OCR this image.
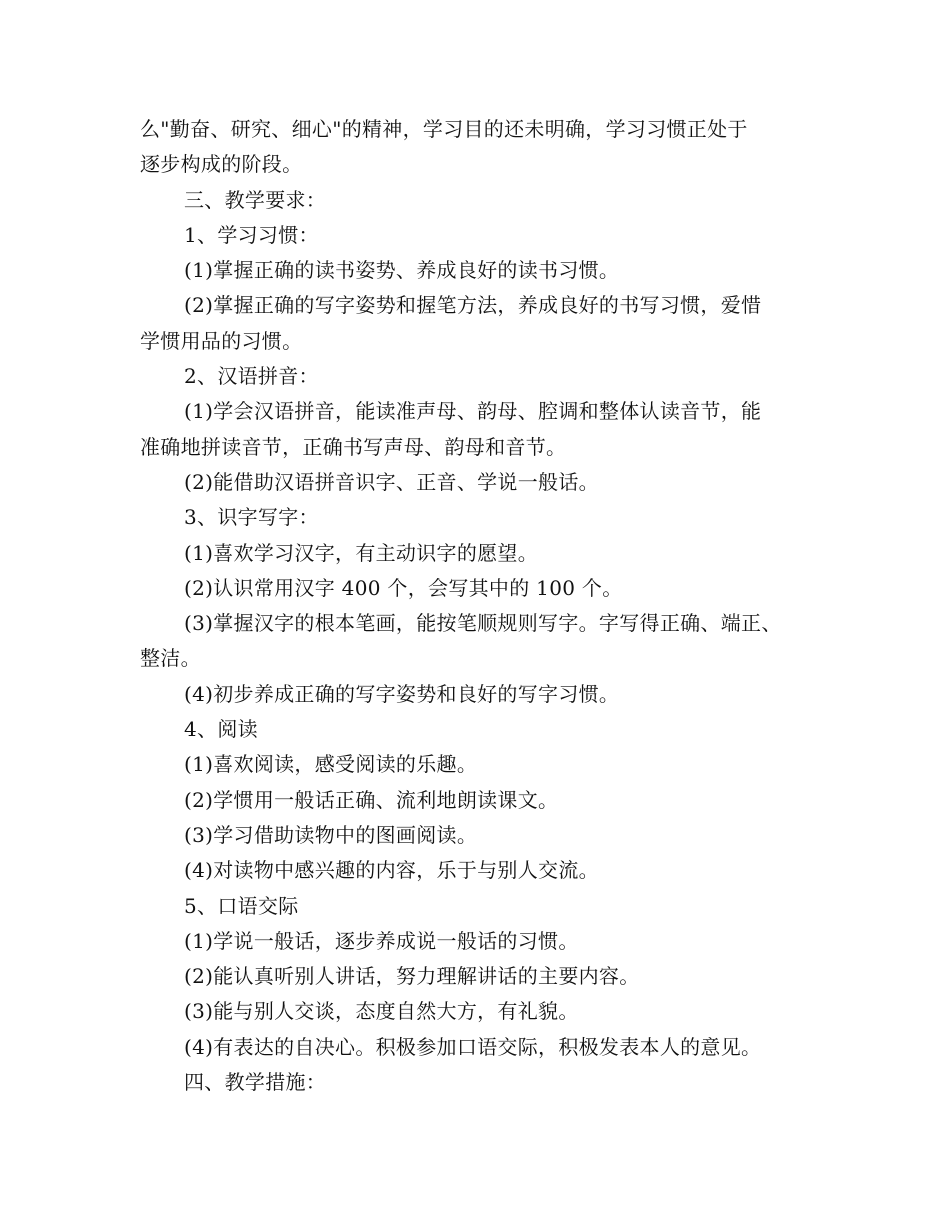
么"勤奋、研究、细心"的精神，学习目的还未明确，学习习惯正处于
逐步构成的阶段。
三、教学要求：
1、学习习惯：
(1)掌握正确的读书姿势、养成良好的读书习惯。
(2)掌握正确的写字姿势和握笔方法，养成良好的书写习惯，爱惜
学惯用品的习惯。
2、汉语拼音：
(1)学会汉语拼音，能读准声母、韵母、腔调和整体认读音节，能
准确地拼读音节，正确书写声母、韵母和音节。
(2)能借助汉语拼音识字、正音、学说一般话。
3、识字写字：
(1)喜欢学习汉字，有主动识字的愿望。
(2)认识常用汉字 400 个，会写其中的 100 个。
(3)掌握汉字的根本笔画，能按笔顺规则写字。字写得正确、端正、
整洁。
(4)初步养成正确的写字姿势和良好的写字习惯。
4、阅读
(1)喜欢阅读，感受阅读的乐趣。
(2)学惯用一般话正确、流利地朗读课文。
(3)学习借助读物中的图画阅读。
(4)对读物中感兴趣的内容，乐于与别人交流。
5、口语交际
(1)学说一般话，逐步养成说一般话的习惯。
(2)能认真听别人讲话，努力理解讲话的主要内容。
(3)能与别人交谈，态度自然大方，有礼貌。
(4)有表达的自决心。积极参加口语交际，积极发表本人的意见。
四、教学措施：
